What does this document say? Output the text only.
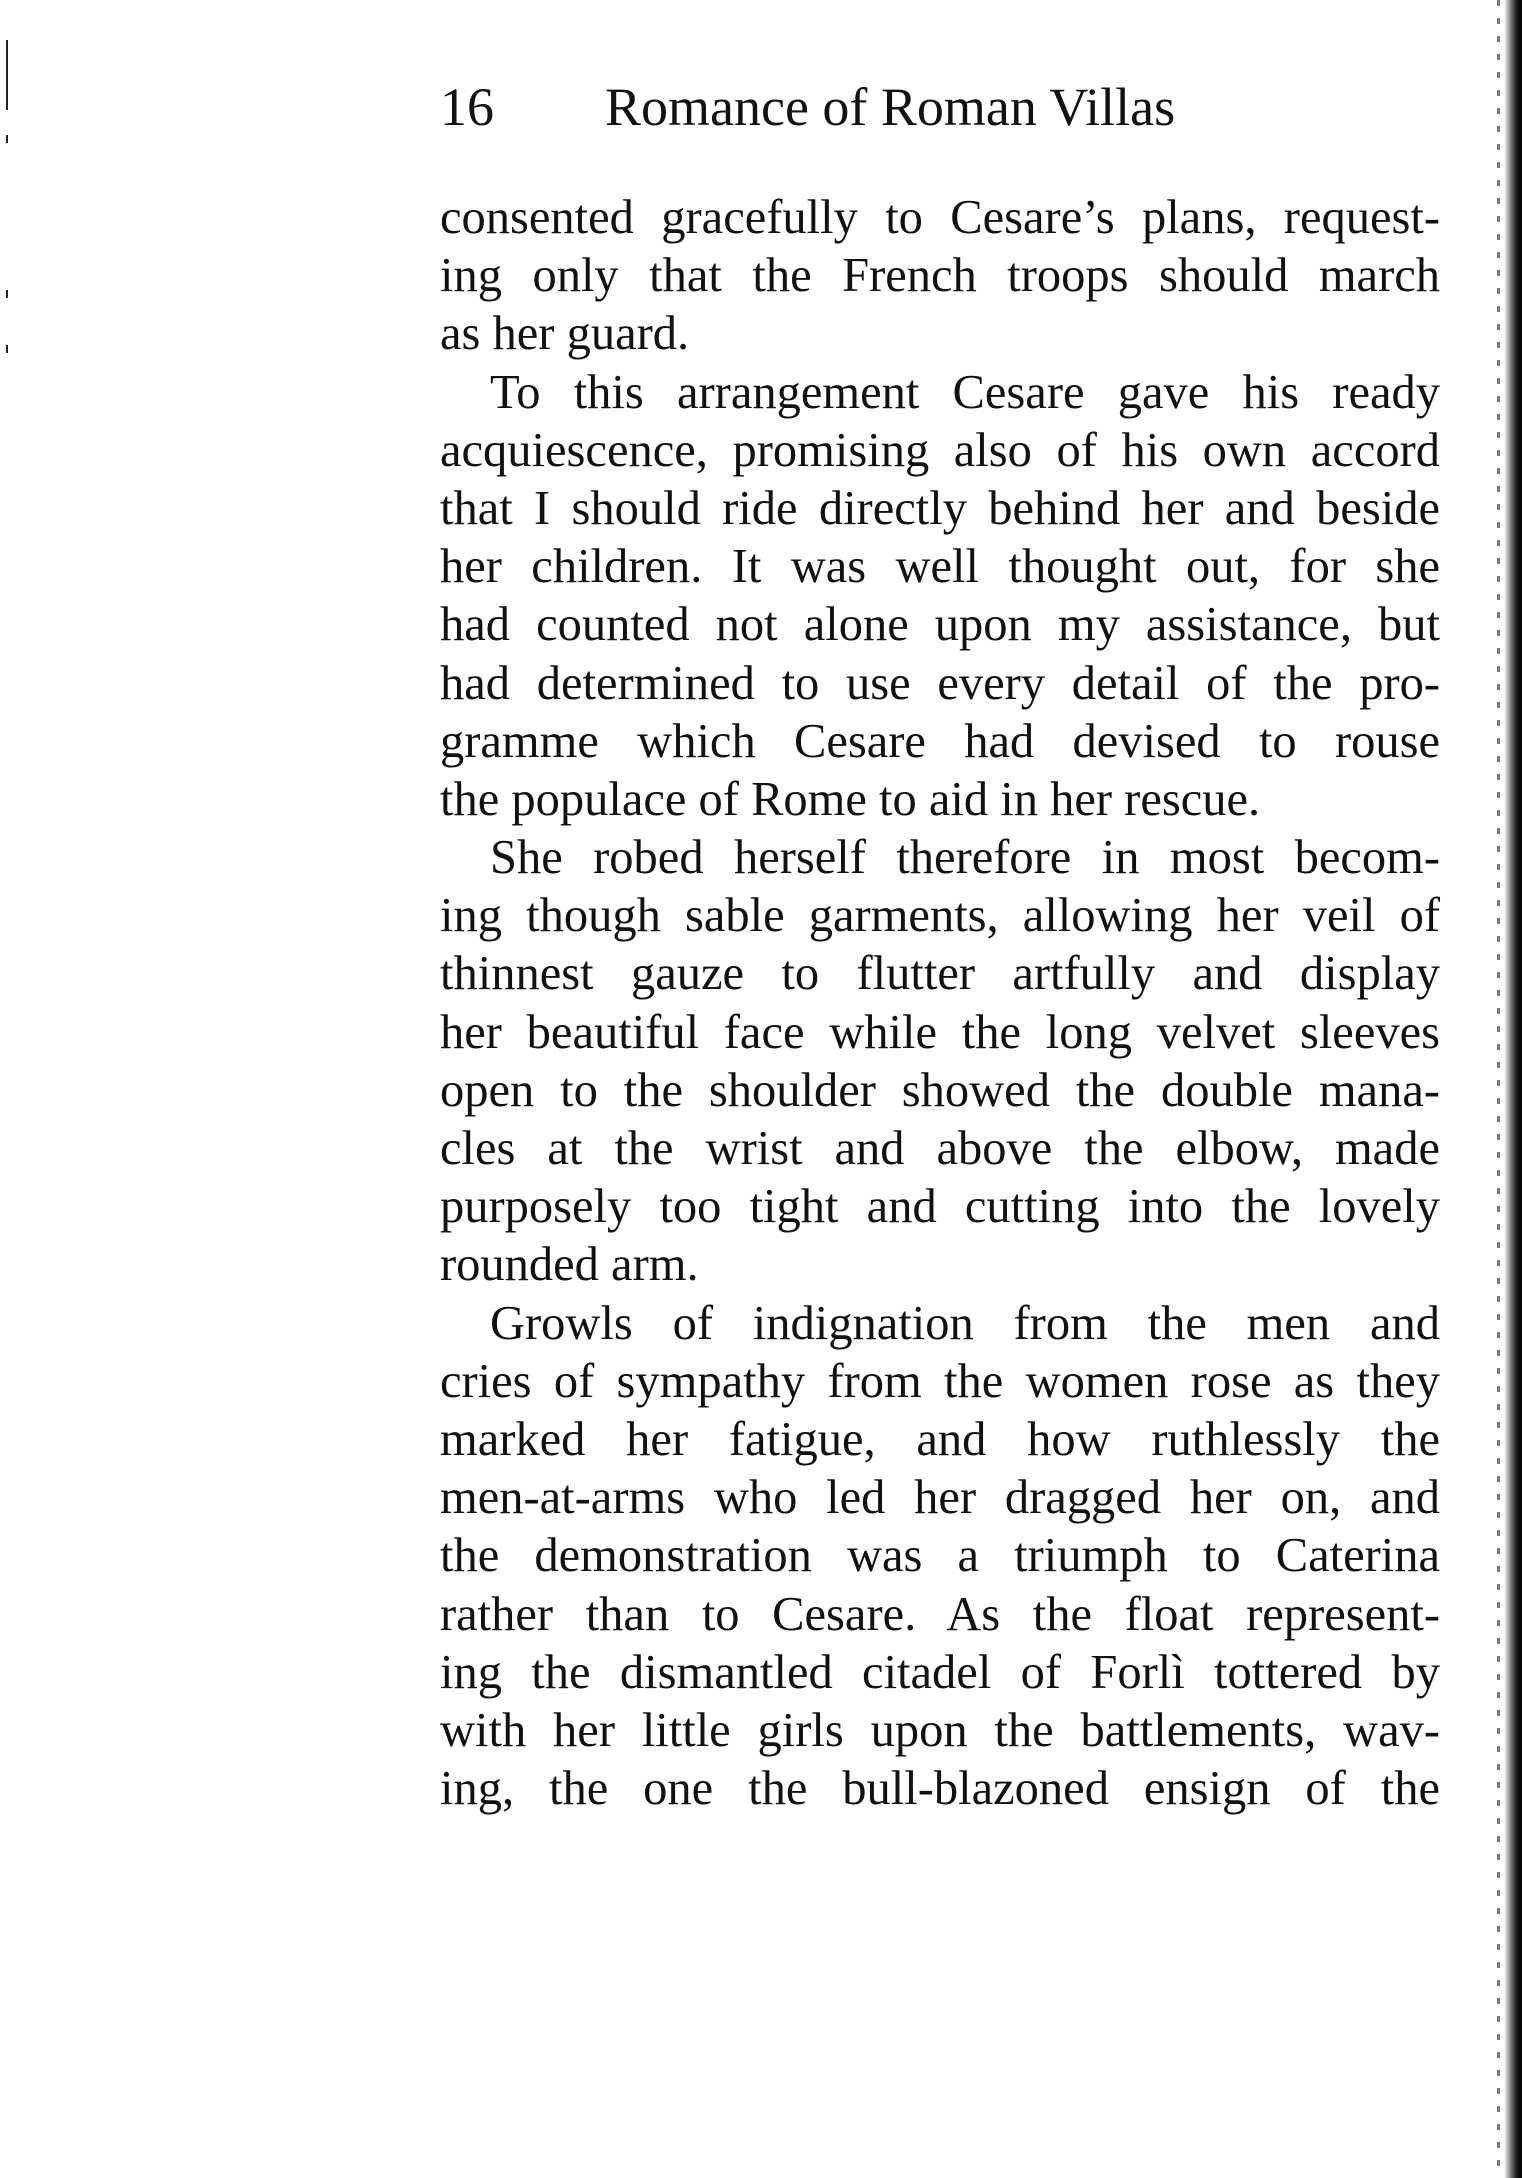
16 Romance of Roman Villas
consented gracefully to Cesare’s plans, request-
ing only that the French troops should march
as her guard.
To this arrangement Cesare gave his ready
acquiescence, promising also of his own accord
that I should ride directly behind her and beside
her children. It was well thought out, for she
had counted not alone upon my assistance, but
had determined to use every detail of the pro-
gramme which Cesare had devised to rouse
the populace of Rome to aid in her rescue.
She robed herself therefore in most becom-
ing though sable garments, allowing her veil of
thinnest gauze to flutter artfully and display
her beautiful face while the long velvet sleeves
open to the shoulder showed the double mana-
cles at the wrist and above the elbow, made
purposely too tight and cutting into the lovely
rounded arm.
Growls of indignation from the men and
cries of sympathy from the women rose as they
marked her fatigue, and how ruthlessly the
men-at-arms who led her dragged her on, and
the demonstration was a triumph to Caterina
rather than to Cesare. As the float represent-
ing the dismantled citadel of Forlì tottered by
with her little girls upon the battlements, wav-
ing, the one the bull-blazoned ensign of the
